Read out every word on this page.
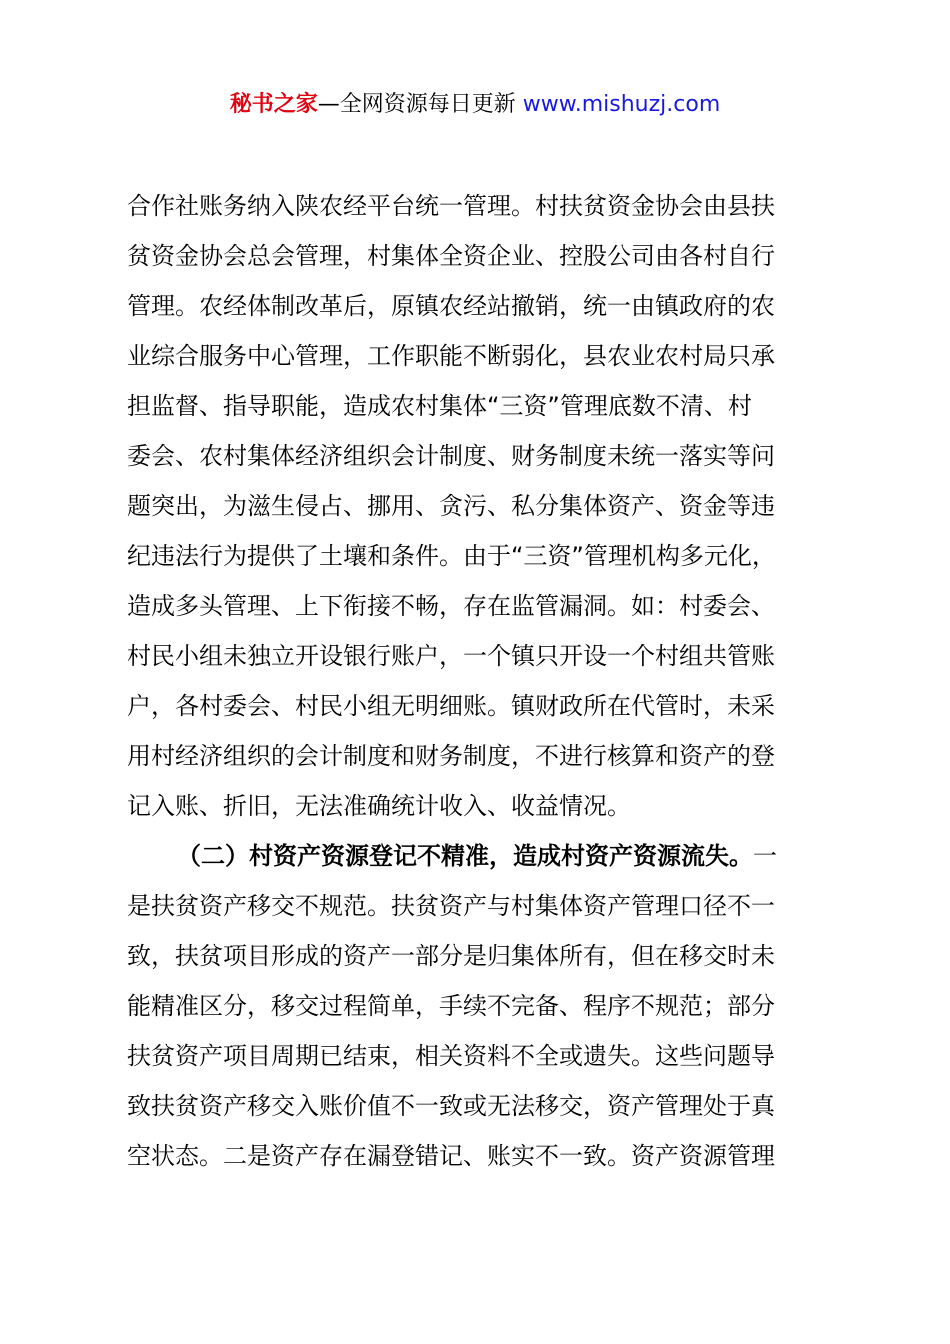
秘书之家—全网资源每日更新 www.mishuzj.com
合作社账务纳入陕农经平台统一管理。村扶贫资金协会由县扶
贫资金协会总会管理，村集体全资企业、控股公司由各村自行
管理。农经体制改革后，原镇农经站撤销，统一由镇政府的农
业综合服务中心管理，工作职能不断弱化，县农业农村局只承
担监督、指导职能，造成农村集体“三资”管理底数不清、村
委会、农村集体经济组织会计制度、财务制度未统一落实等问
题突出，为滋生侵占、挪用、贪污、私分集体资产、资金等违
纪违法行为提供了土壤和条件。由于“三资”管理机构多元化，
造成多头管理、上下衔接不畅，存在监管漏洞。如：村委会、
村民小组未独立开设银行账户，一个镇只开设一个村组共管账
户，各村委会、村民小组无明细账。镇财政所在代管时，未采
用村经济组织的会计制度和财务制度，不进行核算和资产的登
记入账、折旧，无法准确统计收入、收益情况。
（二）村资产资源登记不精准，造成村资产资源流失。一
是扶贫资产移交不规范。扶贫资产与村集体资产管理口径不一
致，扶贫项目形成的资产一部分是归集体所有，但在移交时未
能精准区分，移交过程简单，手续不完备、程序不规范；部分
扶贫资产项目周期已结束，相关资料不全或遗失。这些问题导
致扶贫资产移交入账价值不一致或无法移交，资产管理处于真
空状态。二是资产存在漏登错记、账实不一致。资产资源管理
